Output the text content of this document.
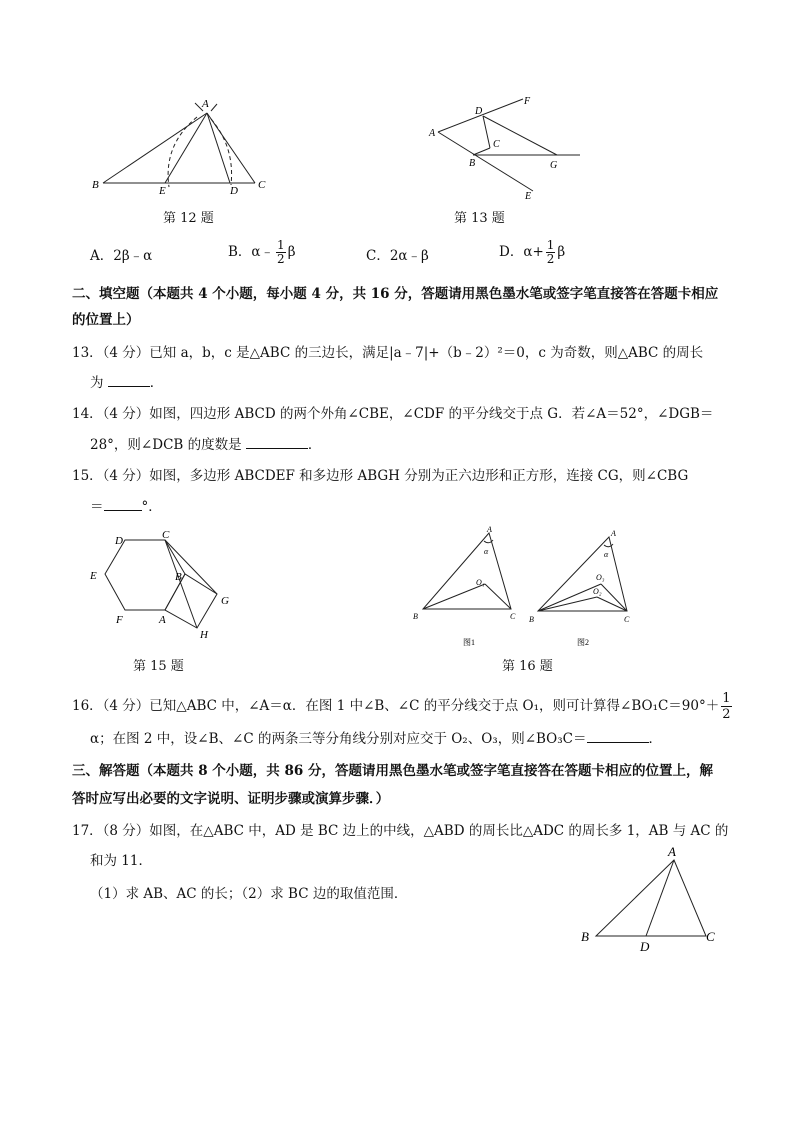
A
B	E	D C
第 12 题
A
D
F
C
B	G
E
第 13 题
A．2β﹣α	B．α﹣ $\frac{1}{2}$ β	C．2α﹣β	D．$\alpha+ \frac{1}{2}$ β
二、填空题（本题共 4 个小题，每小题 4 分，共 16 分，答题请用黑色墨水笔或签字笔直接答在答题卡相应
的位置上）
13．（4 分）已知 a，b，c 是△ABC 的三边长，满足|a﹣7|+（b﹣2）²＝0，c 为奇数，则△ABC 的周长
为	．
14．（4 分）如图，四边形 ABCD 的两个外角∠CBE，∠CDF 的平分线交于点 G．若∠A＝52°，∠DGB＝
28°，则∠DCB 的度数是	．
15．（4 分）如图，多边形 ABCDEF 和多边形 ABGH 分别为正六边形和正方形，连接 CG，则∠CBG
＝	°．
D	C
E	B
G
F	A
H
第 15 题
A
α
O₁
B	C
A
α
O₃
O₂
B	C
图1	图2
第 16 题
16．（4 分）已知△ABC 中，∠A＝α．在图 1 中∠B、∠C 的平分线交于点 O₁，则可计算得∠BO₁C＝90°＋ $\frac{1}{2}$
α；在图 2 中，设∠B、∠C 的两条三等分角线分别对应交于 O₂、O₃，则∠BO₃C＝	．
三、解答题（本题共 8 个小题，共 86 分，答题请用黑色墨水笔或签字笔直接答在答题卡相应的位置上，解
答时应写出必要的文字说明、证明步骤或演算步骤．）
17．（8 分）如图，在△ABC 中，AD 是 BC 边上的中线，△ABD 的周长比△ADC 的周长多 1，AB 与 AC 的
和为 11．
（1）求 AB、AC 的长；（2）求 BC 边的取值范围．
A
B
D
C
